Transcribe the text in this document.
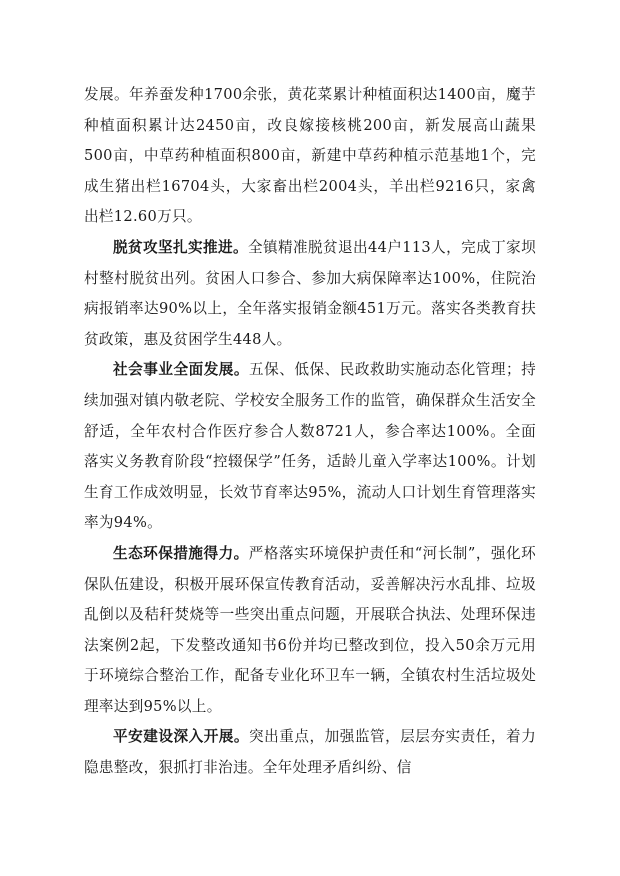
发展。年养蚕发种1700余张，黄花菜累计种植面积达1400亩，魔芋种植面积累计达2450亩，改良嫁接核桃200亩，新发展高山蔬果500亩，中草药种植面积800亩，新建中草药种植示范基地1个，完成生猪出栏16704头，大家畜出栏2004头，羊出栏9216只，家禽出栏12.60万只。

脱贫攻坚扎实推进。全镇精准脱贫退出44户113人，完成丁家坝村整村脱贫出列。贫困人口参合、参加大病保障率达100%，住院治病报销率达90%以上，全年落实报销金额451万元。落实各类教育扶贫政策，惠及贫困学生448人。

社会事业全面发展。五保、低保、民政救助实施动态化管理；持续加强对镇内敬老院、学校安全服务工作的监管，确保群众生活安全舒适，全年农村合作医疗参合人数8721人，参合率达100%。全面落实义务教育阶段“控辍保学”任务，适龄儿童入学率达100%。计划生育工作成效明显，长效节育率达95%，流动人口计划生育管理落实率为94%。

生态环保措施得力。严格落实环境保护责任和“河长制”，强化环保队伍建设，积极开展环保宣传教育活动，妥善解决污水乱排、垃圾乱倒以及秸秆焚烧等一些突出重点问题，开展联合执法、处理环保违法案例2起，下发整改通知书6份并均已整改到位，投入50余万元用于环境综合整治工作，配备专业化环卫车一辆，全镇农村生活垃圾处理率达到95%以上。

平安建设深入开展。突出重点，加强监管，层层夯实责任，着力隐患整改，狠抓打非治违。全年处理矛盾纠纷、信
